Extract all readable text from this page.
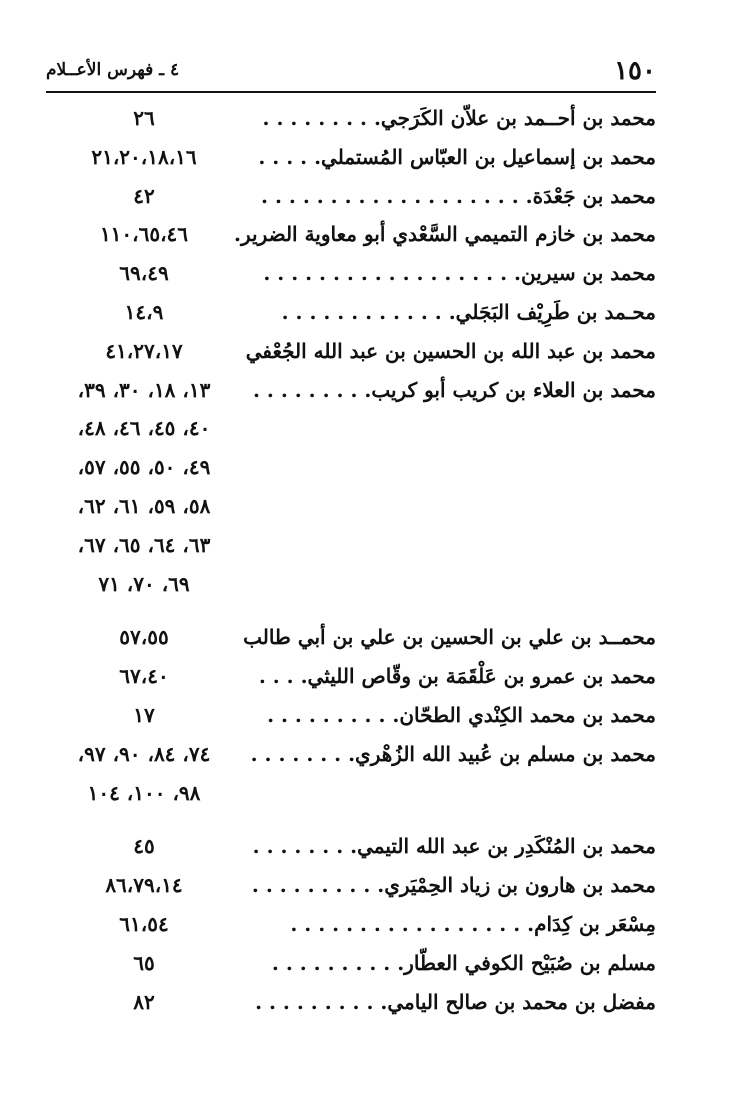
١٥٠
٤ ـ فهرس الأعــلام
محمد بن أحــمد بن علاّن الكَرَجي. . . . . . . . .
٢٦
محمد بن إسماعيل بن العبّاس المُستملي. . . . .
٢١،٢٠،١٨،١٦
محمد بن جَعْدَة. . . . . . . . . . . . . . . . . . . .
٤٢
محمد بن خازم التميمي السَّعْدي أبو معاوية الضرير.
١١٠،٦٥،٤٦
محمد بن سيرين. . . . . . . . . . . . . . . . . . .
٦٩،٤٩
محـمد بن طَرِيْف البَجَلي. . . . . . . . . . . . .
١٤،٩
محمد بن عبد الله بن الحسين بن عبد الله الجُعْفي
٤١،٢٧،١٧
محمد بن العلاء بن كريب أبو كريب. . . . . . . . .
١٣، ١٨، ٣٠، ٣٩،
٤٠، ٤٥، ٤٦، ٤٨،
٤٩، ٥٠، ٥٥، ٥٧،
٥٨، ٥٩، ٦١، ٦٢،
٦٣، ٦٤، ٦٥، ٦٧،
٦٩، ٧٠، ٧١
محمــد بن علي بن الحسين بن علي بن أبي طالب
٥٧،٥٥
محمد بن عمرو بن عَلْقَمَة بن وقّاص الليثي. . . .
٦٧،٤٠
محمد بن محمد الكِنْدي الطحّان. . . . . . . . . .
١٧
محمد بن مسلم بن عُبيد الله الزُهْري. . . . . . . .
٧٤، ٨٤، ٩٠، ٩٧،
٩٨، ١٠٠، ١٠٤
محمد بن المُنْكَدِر بن عبد الله التيمي. . . . . . . .
٤٥
محمد بن هارون بن زياد الحِمْيَري. . . . . . . . . .
٨٦،٧٩،١٤
مِسْعَر بن كِدَام. . . . . . . . . . . . . . . . . .
٦١،٥٤
مسلم بن صُبَيْح الكوفي العطّار. . . . . . . . . .
٦٥
مفضل بن محمد بن صالح اليامي. . . . . . . . . .
٨٢
